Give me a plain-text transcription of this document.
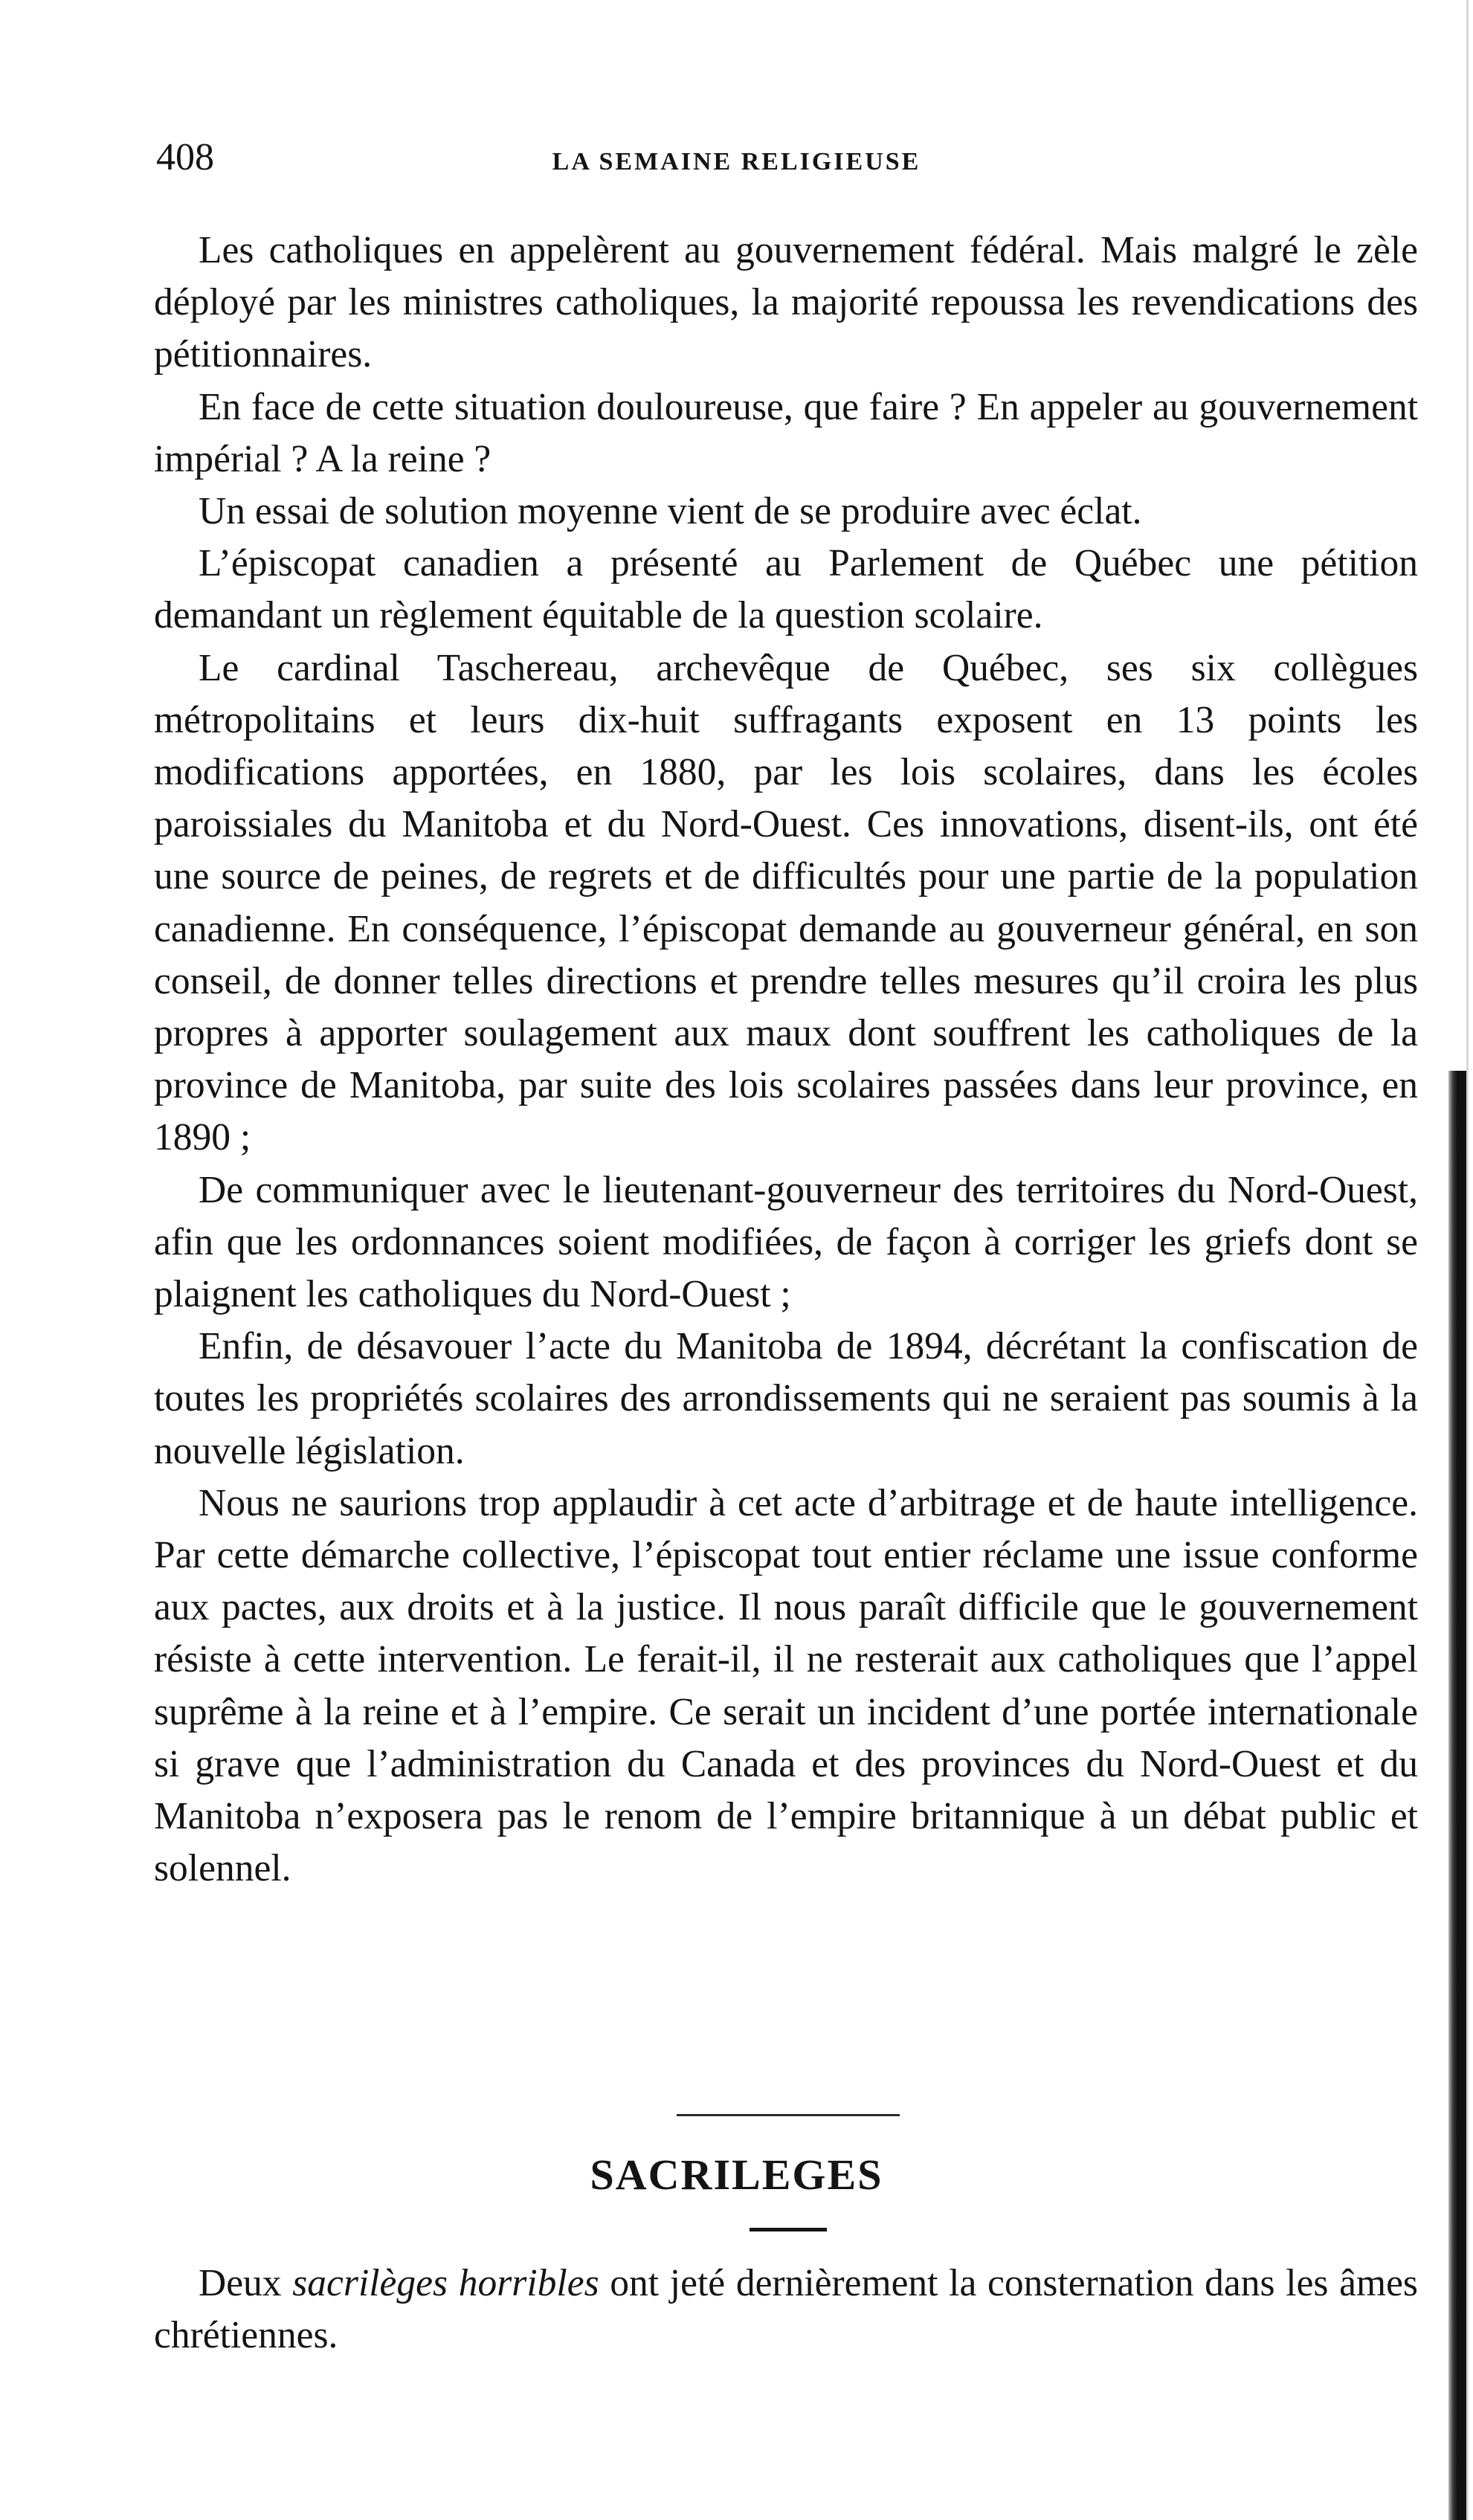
408	LA SEMAINE RELIGIEUSE

Les catholiques en appelèrent au gouvernement fédéral. Mais malgré le zèle déployé par les ministres catholiques, la majorité repoussa les revendications des pétitionnaires.

En face de cette situation douloureuse, que faire ? En appeler au gouvernement impérial ? A la reine ?

Un essai de solution moyenne vient de se produire avec éclat.

L’épiscopat canadien a présenté au Parlement de Québec une pétition demandant un règlement équitable de la question scolaire.

Le cardinal Taschereau, archevêque de Québec, ses six collègues métropolitains et leurs dix-huit suffragants exposent en 13 points les modifications apportées, en 1880, par les lois scolaires, dans les écoles paroissiales du Manitoba et du Nord-Ouest. Ces innovations, disent-ils, ont été une source de peines, de regrets et de difficultés pour une partie de la population canadienne. En conséquence, l’épiscopat demande au gouverneur général, en son conseil, de donner telles directions et prendre telles mesures qu’il croira les plus propres à apporter soulagement aux maux dont souffrent les catholiques de la province de Manitoba, par suite des lois scolaires passées dans leur province, en 1890 ;

De communiquer avec le lieutenant-gouverneur des territoires du Nord-Ouest, afin que les ordonnances soient modifiées, de façon à corriger les griefs dont se plaignent les catholiques du Nord-Ouest ;

Enfin, de désavouer l’acte du Manitoba de 1894, décrétant la confiscation de toutes les propriétés scolaires des arrondissements qui ne seraient pas soumis à la nouvelle législation.

Nous ne saurions trop applaudir à cet acte d’arbitrage et de haute intelligence. Par cette démarche collective, l’épiscopat tout entier réclame une issue conforme aux pactes, aux droits et à la justice. Il nous paraît difficile que le gouvernement résiste à cette intervention. Le ferait-il, il ne resterait aux catholiques que l’appel suprême à la reine et à l’empire. Ce serait un incident d’une portée internationale si grave que l’administration du Canada et des provinces du Nord-Ouest et du Manitoba n’exposera pas le renom de l’empire britannique à un débat public et solennel.

SACRILEGES

Deux sacrilèges horribles ont jeté dernièrement la consternation dans les âmes chrétiennes.
